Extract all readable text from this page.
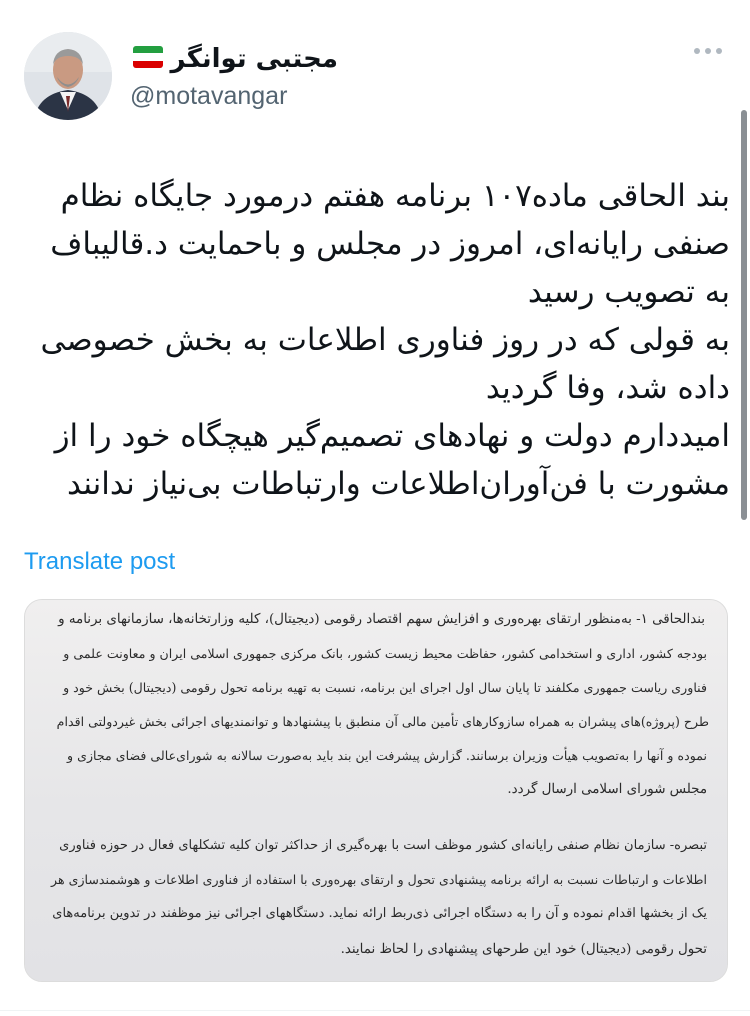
مجتبی توانگر
@motavangar
بند الحاقی ماده۱۰۷ برنامه هفتم درمورد جایگاه نظام
صنفی رایانه‌ای، امروز در مجلس و باحمایت د.قالیباف
به تصویب رسید
به قولی که در روز فناوری اطلاعات به بخش خصوصی
داده شد، وفا گردید
امیددارم دولت و نهادهای تصمیم‌گیر هیچگاه خود را از
مشورت با فن‌آوران‌اطلاعات وارتباطات بی‌نیاز ندانند
Translate post
بندالحاقی ۱- به‌منظور ارتقای بهره‌وری و افزایش سهم اقتصاد رقومی (دیجیتال)، کلیه وزارتخانه‌ها، سازمانهای برنامه و
بودجه کشور، اداری و استخدامی کشور، حفاظت محیط زیست کشور، بانک مرکزی جمهوری اسلامی ایران و معاونت علمی و
فناوری ریاست جمهوری مکلفند تا پایان سال اول اجرای این برنامه، نسبت به تهیه برنامه تحول رقومی (دیجیتال) بخش خود و
طرح (پروژه)های پیشران به همراه سازوکارهای تأمین مالی آن منطبق با پیشنهادها و توانمندیهای اجرائی بخش غیردولتی اقدام
نموده و آنها را به‌تصویب هیأت وزیران برسانند. گزارش پیشرفت این بند باید به‌صورت سالانه به شورای‌عالی فضای مجازی و
مجلس شورای اسلامی ارسال گردد.
تبصره- سازمان نظام صنفی رایانه‌ای کشور موظف است با بهره‌گیری از حداکثر توان کلیه تشکلهای فعال در حوزه فناوری
اطلاعات و ارتباطات نسبت به ارائه برنامه پیشنهادی تحول و ارتقای بهره‌وری با استفاده از فناوری اطلاعات و هوشمندسازی هر
یک از بخشها اقدام نموده و آن را به دستگاه اجرائی ذی‌ربط ارائه نماید. دستگاههای اجرائی نیز موظفند در تدوین برنامه‌های
تحول رقومی (دیجیتال) خود این طرحهای پیشنهادی را لحاظ نمایند.
